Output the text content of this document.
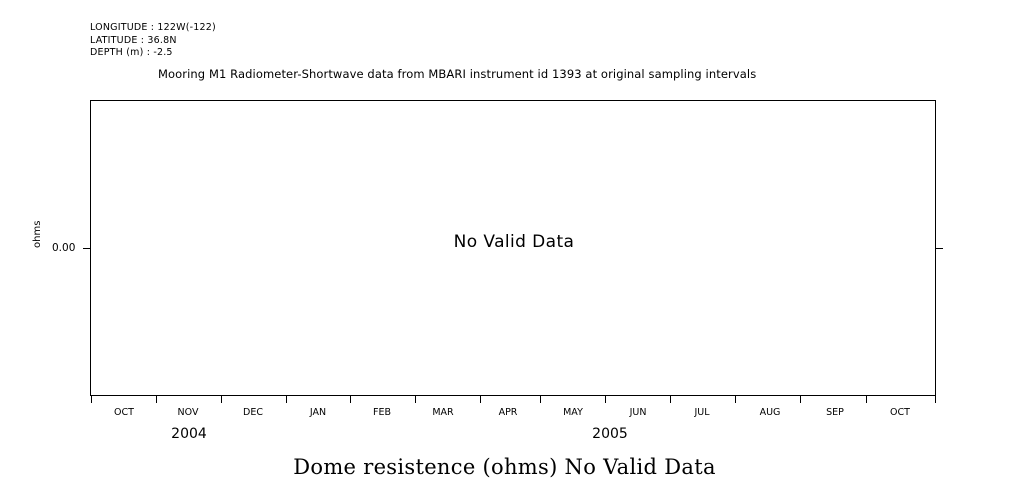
LONGITUDE : 122W(-122)
LATITUDE : 36.8N
DEPTH (m) : -2.5
Mooring M1 Radiometer-Shortwave data from MBARI instrument id 1393 at original sampling intervals
ohms 0.00	No Valid Data
OCT	NOV	DEC	JAN	FEB	MAR	APR	MAY	JUN	JUL	AUG	SEP	OCT
2004	2005
Dome resistence (ohms) No Valid Data
